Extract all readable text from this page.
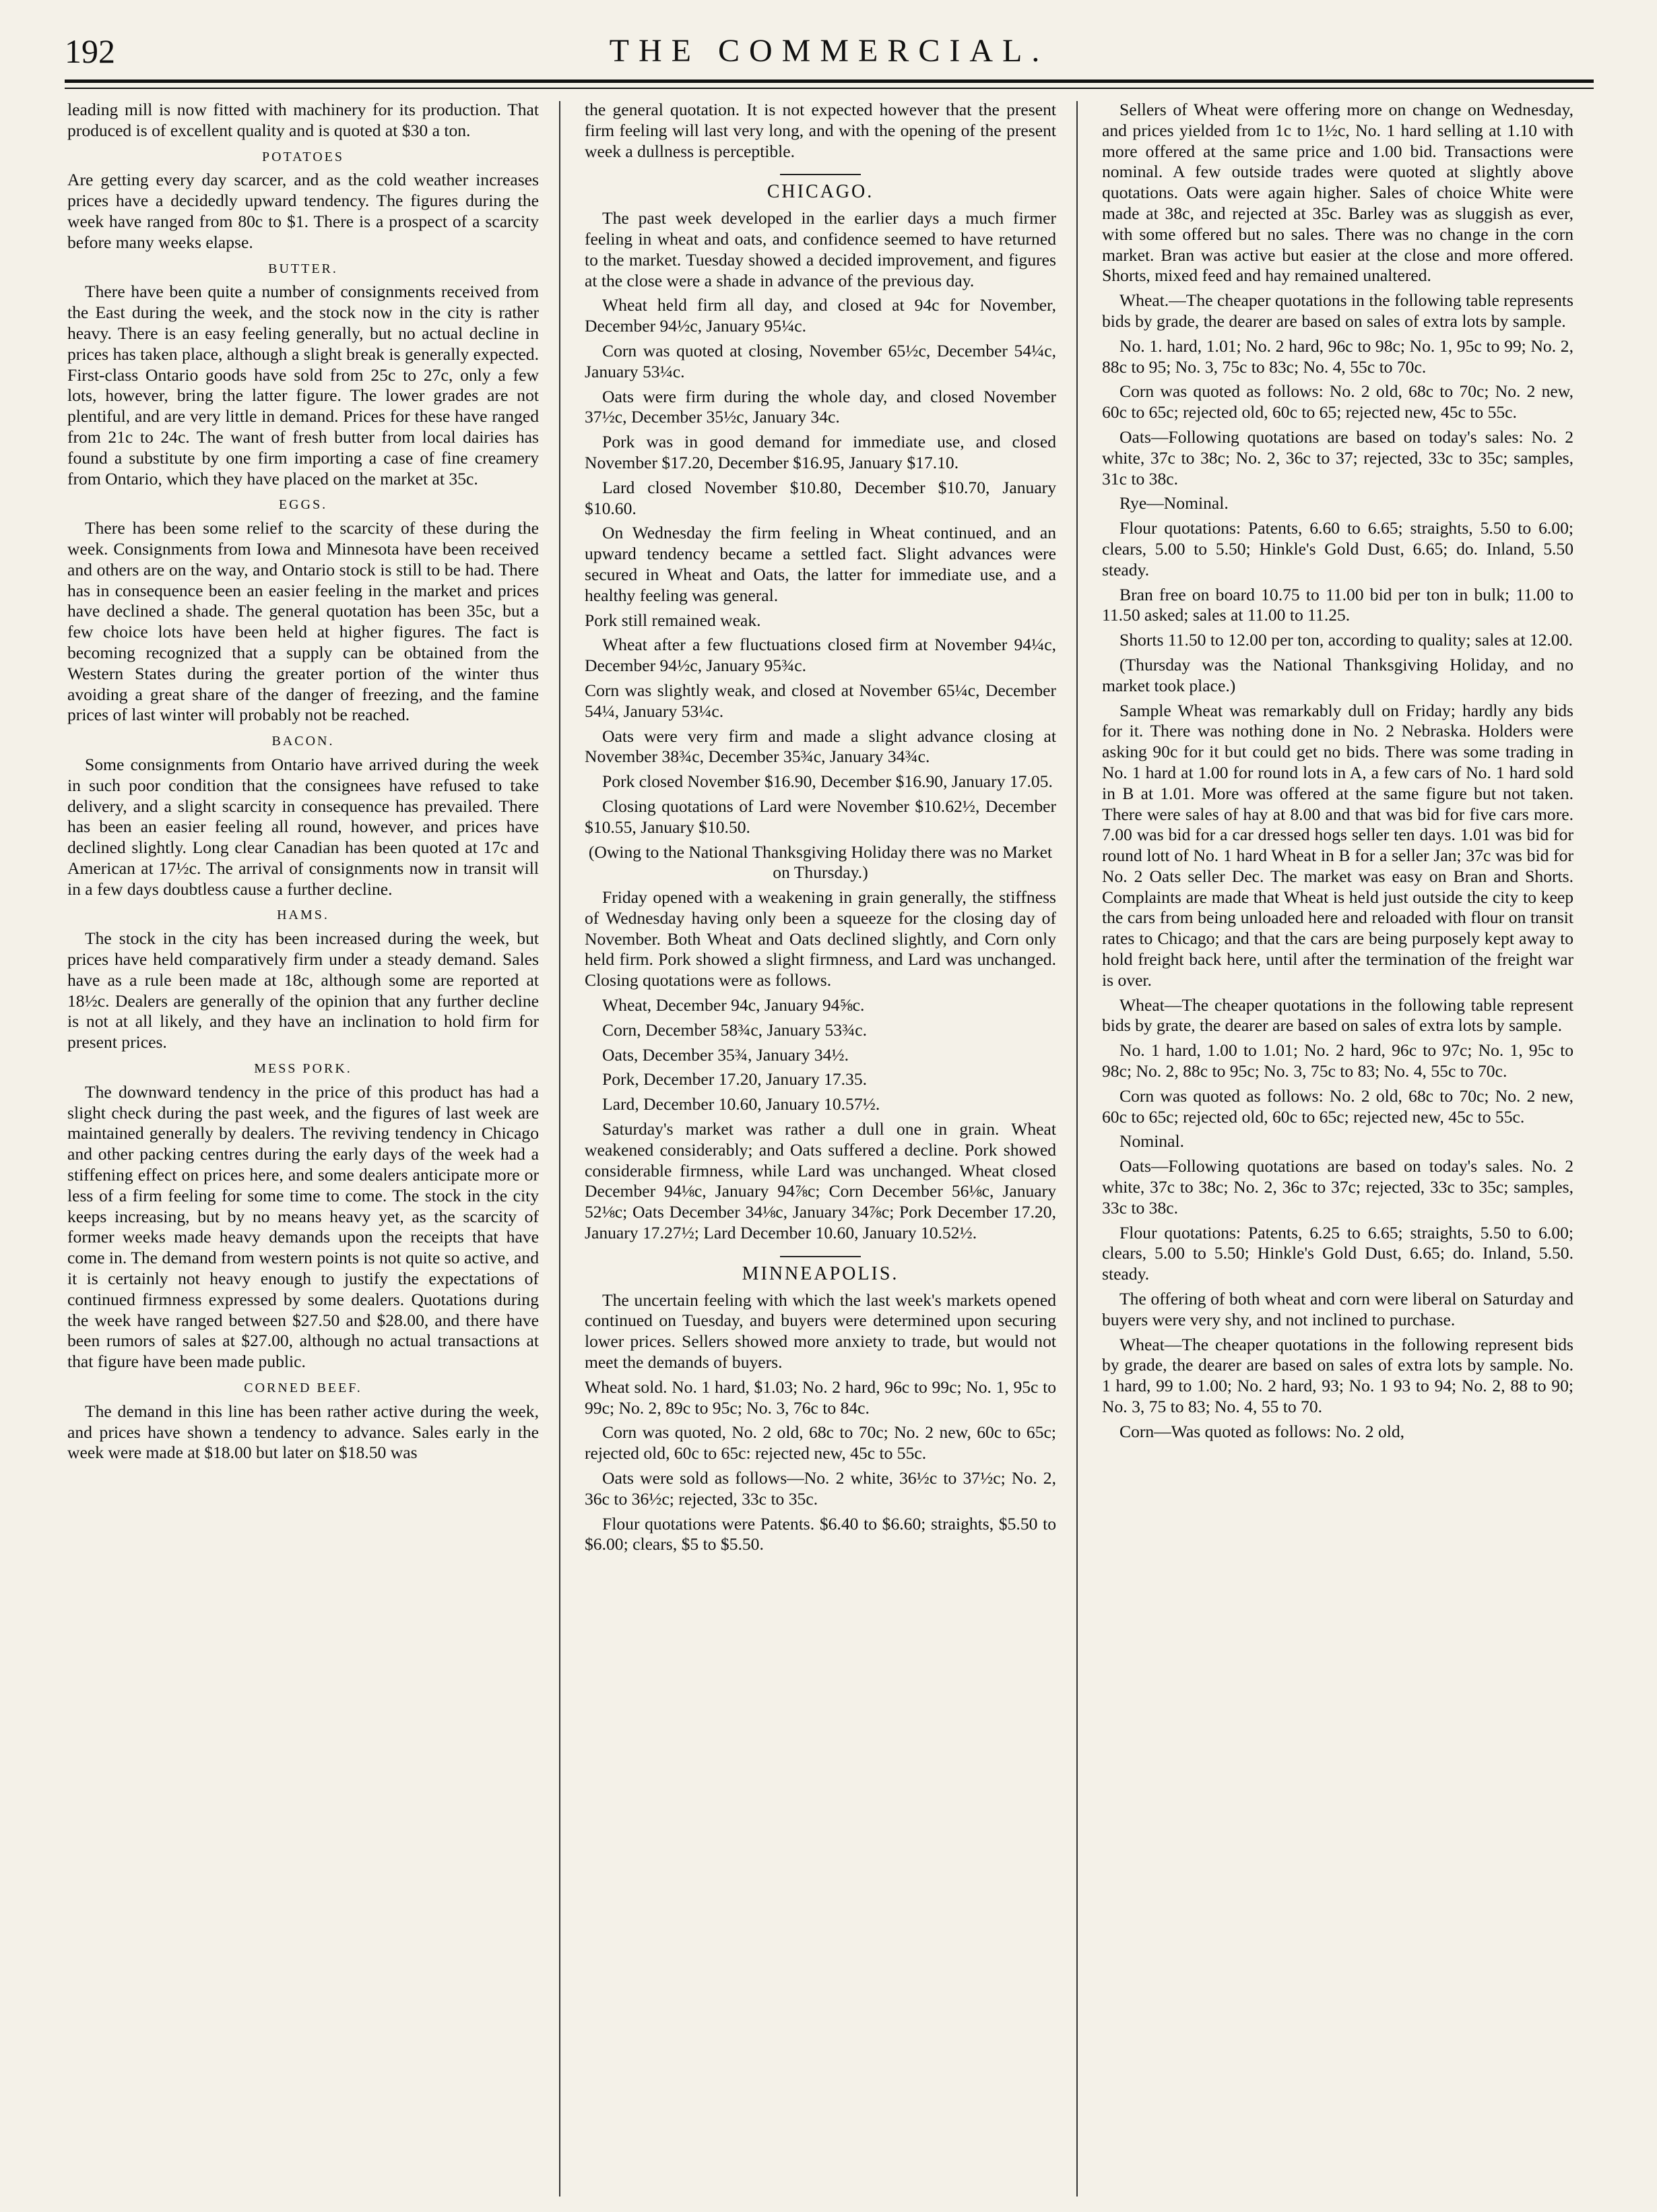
192	THE COMMERCIAL.

leading mill is now fitted with machinery for its production. That produced is of excellent quality and is quoted at $30 a ton.

POTATOES

Are getting every day scarcer, and as the cold weather increases prices have a decidedly upward tendency. The figures during the week have ranged from 80c to $1. There is a prospect of a scarcity before many weeks elapse.

BUTTER.

There have been quite a number of consignments received from the East during the week, and the stock now in the city is rather heavy. There is an easy feeling generally, but no actual decline in prices has taken place, although a slight break is generally expected. First-class Ontario goods have sold from 25c to 27c, only a few lots, however, bring the latter figure. The lower grades are not plentiful, and are very little in demand. Prices for these have ranged from 21c to 24c. The want of fresh butter from local dairies has found a substitute by one firm importing a case of fine creamery from Ontario, which they have placed on the market at 35c.

EGGS.

There has been some relief to the scarcity of these during the week. Consignments from Iowa and Minnesota have been received and others are on the way, and Ontario stock is still to be had. There has in consequence been an easier feeling in the market and prices have declined a shade. The general quotation has been 35c, but a few choice lots have been held at higher figures. The fact is becoming recognized that a supply can be obtained from the Western States during the greater portion of the winter thus avoiding a great share of the danger of freezing, and the famine prices of last winter will probably not be reached.

BACON.

Some consignments from Ontario have arrived during the week in such poor condition that the consignees have refused to take delivery, and a slight scarcity in consequence has prevailed. There has been an easier feeling all round, however, and prices have declined slightly. Long clear Canadian has been quoted at 17c and American at 17½c. The arrival of consignments now in transit will in a few days doubtless cause a further decline.

HAMS.

The stock in the city has been increased during the week, but prices have held comparatively firm under a steady demand. Sales have as a rule been made at 18c, although some are reported at 18½c. Dealers are generally of the opinion that any further decline is not at all likely, and they have an inclination to hold firm for present prices.

MESS PORK.

The downward tendency in the price of this product has had a slight check during the past week, and the figures of last week are maintained generally by dealers. The reviving tendency in Chicago and other packing centres during the early days of the week had a stiffening effect on prices here, and some dealers anticipate more or less of a firm feeling for some time to come. The stock in the city keeps increasing, but by no means heavy yet, as the scarcity of former weeks made heavy demands upon the receipts that have come in. The demand from western points is not quite so active, and it is certainly not heavy enough to justify the expectations of continued firmness expressed by some dealers. Quotations during the week have ranged between $27.50 and $28.00, and there have been rumors of sales at $27.00, although no actual transactions at that figure have been made public.

CORNED BEEF.

The demand in this line has been rather active during the week, and prices have shown a tendency to advance. Sales early in the week were made at $18.00 but later on $18.50 was

the general quotation. It is not expected however that the present firm feeling will last very long, and with the opening of the present week a dullness is perceptible.

CHICAGO.

The past week developed in the earlier days a much firmer feeling in wheat and oats, and confidence seemed to have returned to the market. Tuesday showed a decided improvement, and figures at the close were a shade in advance of the previous day.

Wheat held firm all day, and closed at 94c for November, December 94½c, January 95¼c.

Corn was quoted at closing, November 65½c, December 54¼c, January 53¼c.

Oats were firm during the whole day, and closed November 37½c, December 35½c, January 34c.

Pork was in good demand for immediate use, and closed November $17.20, December $16.95, January $17.10.

Lard closed November $10.80, December $10.70, January $10.60.

On Wednesday the firm feeling in Wheat continued, and an upward tendency became a settled fact. Slight advances were secured in Wheat and Oats, the latter for immediate use, and a healthy feeling was general.

Pork still remained weak.

Wheat after a few fluctuations closed firm at November 94¼c, December 94½c, January 95¾c.

Corn was slightly weak, and closed at November 65¼c, December 54¼, January 53¼c.

Oats were very firm and made a slight advance closing at November 38¾c, December 35¾c, January 34¾c.

Pork closed November $16.90, December $16.90, January 17.05.

Closing quotations of Lard were November $10.62½, December $10.55, January $10.50.

(Owing to the National Thanksgiving Holiday there was no Market on Thursday.)

Friday opened with a weakening in grain generally, the stiffness of Wednesday having only been a squeeze for the closing day of November. Both Wheat and Oats declined slightly, and Corn only held firm. Pork showed a slight firmness, and Lard was unchanged. Closing quotations were as follows.

Wheat, December 94c, January 94⅝c.

Corn, December 58¾c, January 53¾c.

Oats, December 35¾, January 34½.

Pork, December 17.20, January 17.35.

Lard, December 10.60, January 10.57½.

Saturday's market was rather a dull one in grain. Wheat weakened considerably; and Oats suffered a decline. Pork showed considerable firmness, while Lard was unchanged. Wheat closed December 94⅛c, January 94⅞c; Corn December 56⅛c, January 52⅛c; Oats December 34⅛c, January 34⅞c; Pork December 17.20, January 17.27½; Lard December 10.60, January 10.52½.

MINNEAPOLIS.

The uncertain feeling with which the last week's markets opened continued on Tuesday, and buyers were determined upon securing lower prices. Sellers showed more anxiety to trade, but would not meet the demands of buyers.

Wheat sold. No. 1 hard, $1.03; No. 2 hard, 96c to 99c; No. 1, 95c to 99c; No. 2, 89c to 95c; No. 3, 76c to 84c.

Corn was quoted, No. 2 old, 68c to 70c; No. 2 new, 60c to 65c; rejected old, 60c to 65c: rejected new, 45c to 55c.

Oats were sold as follows—No. 2 white, 36½c to 37½c; No. 2, 36c to 36½c; rejected, 33c to 35c.

Flour quotations were Patents. $6.40 to $6.60; straights, $5.50 to $6.00; clears, $5 to $5.50.

Sellers of Wheat were offering more on change on Wednesday, and prices yielded from 1c to 1½c, No. 1 hard selling at 1.10 with more offered at the same price and 1.00 bid. Transactions were nominal. A few outside trades were quoted at slightly above quotations. Oats were again higher. Sales of choice White were made at 38c, and rejected at 35c. Barley was as sluggish as ever, with some offered but no sales. There was no change in the corn market. Bran was active but easier at the close and more offered. Shorts, mixed feed and hay remained unaltered.

Wheat.—The cheaper quotations in the following table represents bids by grade, the dearer are based on sales of extra lots by sample.

No. 1. hard, 1.01; No. 2 hard, 96c to 98c; No. 1, 95c to 99; No. 2, 88c to 95; No. 3, 75c to 83c; No. 4, 55c to 70c.

Corn was quoted as follows: No. 2 old, 68c to 70c; No. 2 new, 60c to 65c; rejected old, 60c to 65; rejected new, 45c to 55c.

Oats—Following quotations are based on today's sales: No. 2 white, 37c to 38c; No. 2, 36c to 37; rejected, 33c to 35c; samples, 31c to 38c.

Rye—Nominal.

Flour quotations: Patents, 6.60 to 6.65; straights, 5.50 to 6.00; clears, 5.00 to 5.50; Hinkle's Gold Dust, 6.65; do. Inland, 5.50 steady.

Bran free on board 10.75 to 11.00 bid per ton in bulk; 11.00 to 11.50 asked; sales at 11.00 to 11.25.

Shorts 11.50 to 12.00 per ton, according to quality; sales at 12.00.

(Thursday was the National Thanksgiving Holiday, and no market took place.)

Sample Wheat was remarkably dull on Friday; hardly any bids for it. There was nothing done in No. 2 Nebraska. Holders were asking 90c for it but could get no bids. There was some trading in No. 1 hard at 1.00 for round lots in A, a few cars of No. 1 hard sold in B at 1.01. More was offered at the same figure but not taken. There were sales of hay at 8.00 and that was bid for five cars more. 7.00 was bid for a car dressed hogs seller ten days. 1.01 was bid for round lott of No. 1 hard Wheat in B for a seller Jan; 37c was bid for No. 2 Oats seller Dec. The market was easy on Bran and Shorts. Complaints are made that Wheat is held just outside the city to keep the cars from being unloaded here and reloaded with flour on transit rates to Chicago; and that the cars are being purposely kept away to hold freight back here, until after the termination of the freight war is over.

Wheat—The cheaper quotations in the following table represent bids by grate, the dearer are based on sales of extra lots by sample.

No. 1 hard, 1.00 to 1.01; No. 2 hard, 96c to 97c; No. 1, 95c to 98c; No. 2, 88c to 95c; No. 3, 75c to 83; No. 4, 55c to 70c.

Corn was quoted as follows: No. 2 old, 68c to 70c; No. 2 new, 60c to 65c; rejected old, 60c to 65c; rejected new, 45c to 55c.

Nominal.

Oats—Following quotations are based on today's sales. No. 2 white, 37c to 38c; No. 2, 36c to 37c; rejected, 33c to 35c; samples, 33c to 38c.

Flour quotations: Patents, 6.25 to 6.65; straights, 5.50 to 6.00; clears, 5.00 to 5.50; Hinkle's Gold Dust, 6.65; do. Inland, 5.50. steady.

The offering of both wheat and corn were liberal on Saturday and buyers were very shy, and not inclined to purchase.

Wheat—The cheaper quotations in the following represent bids by grade, the dearer are based on sales of extra lots by sample. No. 1 hard, 99 to 1.00; No. 2 hard, 93; No. 1 93 to 94; No. 2, 88 to 90; No. 3, 75 to 83; No. 4, 55 to 70.

Corn—Was quoted as follows: No. 2 old,
